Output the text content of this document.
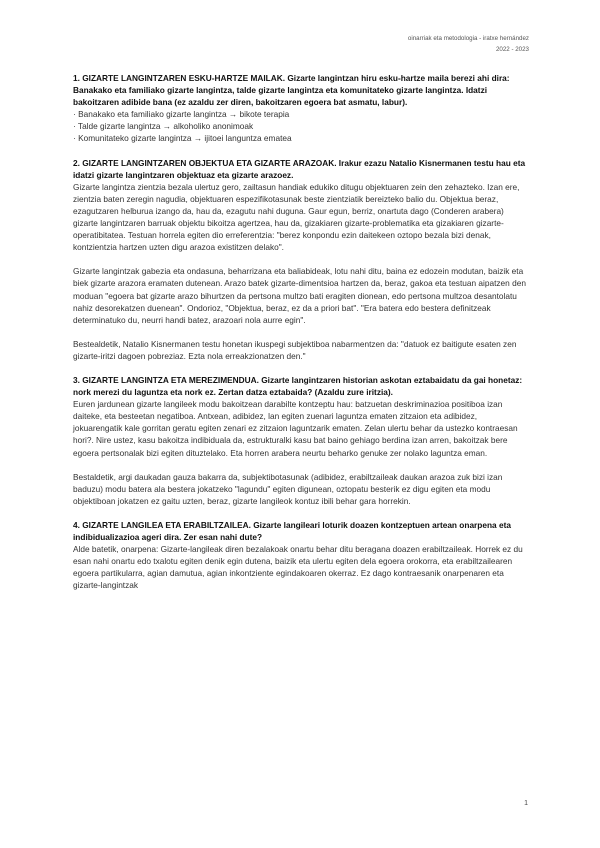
oinarriak eta metodologia - iratxe hernández
2022 - 2023

1. GIZARTE LANGINTZAREN ESKU-HARTZE MAILAK. Gizarte langintzan hiru esku-hartze maila berezi ahi dira: Banakako eta familiako gizarte langintza, talde gizarte langintza eta komunitateko gizarte langintza. Idatzi bakoitzaren adibide bana (ez azaldu zer diren, bakoitzaren egoera bat asmatu, labur).

· Banakako eta familiako gizarte langintza → bikote terapia
· Talde gizarte langintza → alkoholiko anonimoak
· Komunitateko gizarte langintza → ijitoei languntza ematea

2. GIZARTE LANGINTZAREN OBJEKTUA ETA GIZARTE ARAZOAK. Irakur ezazu Natalio Kisnermanen testu hau eta idatzi gizarte langintzaren objektuaz eta gizarte arazoez.

Gizarte langintza zientzia bezala ulertuz gero, zailtasun handiak edukiko ditugu objektuaren zein den zehazteko. Izan ere, zientzia baten zeregin nagudia, objektuaren espezifikotasunak beste zientziatik bereizteko balio du. Objektua beraz, ezagutzaren helburua izango da, hau da, ezagutu nahi duguna. Gaur egun, berriz, onartuta dago (Conderen arabera) gizarte langintzaren barruak objektu bikoitza agertzea, hau da, gizakiaren gizarte-problematika eta gizakiaren gizarte-operatibitatea. Testuan horrela egiten dio erreferentzia: "berez konpondu ezin daitekeen oztopo bezala bizi denak, kontzientzia hartzen uzten digu arazoa existitzen delako".

Gizarte langintzak gabezia eta ondasuna, beharrizana eta baliabideak, lotu nahi ditu, baina ez edozein modutan, baizik eta biek gizarte arazora eramaten dutenean. Arazo batek gizarte-dimentsioa hartzen da, beraz, gakoa eta testuan aipatzen den moduan "egoera bat gizarte arazo bihurtzen da pertsona multzo bati eragiten dionean, edo pertsona multzoa desantolatu nahiz desorekatzen duenean". Ondorioz, "Objektua, beraz, ez da a priori bat". "Era batera edo bestera definitzeak determinatuko du, neurri handi batez, arazoari nola aurre egin".

Bestealdetik, Natalio Kisnermanen testu honetan ikuspegi subjektiboa nabarmentzen da: "datuok ez baitigute esaten zen gizarte-iritzi dagoen pobreziaz. Ezta nola erreakzionatzen den."

3. GIZARTE LANGINTZA ETA MEREZIMENDUA. Gizarte langintzaren historian askotan eztabaidatu da gai honetaz: nork merezi du laguntza eta nork ez. Zertan datza eztabaida? (Azaldu zure iritzia).

Euren jardunean gizarte langileek modu bakoitzean darabilte kontzeptu hau: batzuetan deskriminazioa positiboa izan daiteke, eta besteetan negatiboa. Antxean, adibidez, lan egiten zuenari laguntza ematen zitzaion eta adibidez, jokuarengatik kale gorritan geratu egiten zenari ez zitzaion laguntzarik ematen. Zelan ulertu behar da ustezko kontraesan hori?. Nire ustez, kasu bakoitza indibiduala da, estrukturalki kasu bat baino gehiago berdina izan arren, bakoitzak bere egoera pertsonalak bizi egiten dituztelako. Eta horren arabera neurtu beharko genuke zer nolako laguntza eman.

Bestaldetik, argi daukadan gauza bakarra da, subjektibotasunak (adibidez, erabiltzaileak daukan arazoa zuk bizi izan baduzu) modu batera ala bestera jokatzeko "lagundu" egiten digunean, oztopatu besterik ez digu egiten eta modu objektiboan jokatzen ez gaitu uzten, beraz, gizarte langileok kontuz ibili behar gara horrekin.

4. GIZARTE LANGILEA ETA ERABILTZAILEA. Gizarte langileari loturik doazen kontzeptuen artean onarpena eta indibidualizazioa ageri dira. Zer esan nahi dute?

Alde batetik, onarpena: Gizarte-langileak diren bezalakoak onartu behar ditu beragana doazen erabiltzaileak. Horrek ez du esan nahi onartu edo txalotu egiten denik egin dutena, baizik eta ulertu egiten dela egoera orokorra, eta erabiltzailearen egoera partikularra, agian damutua, agian inkontziente egindakoaren okerraz. Ez dago kontraesanik onarpenaren eta gizarte-langintzak

1
